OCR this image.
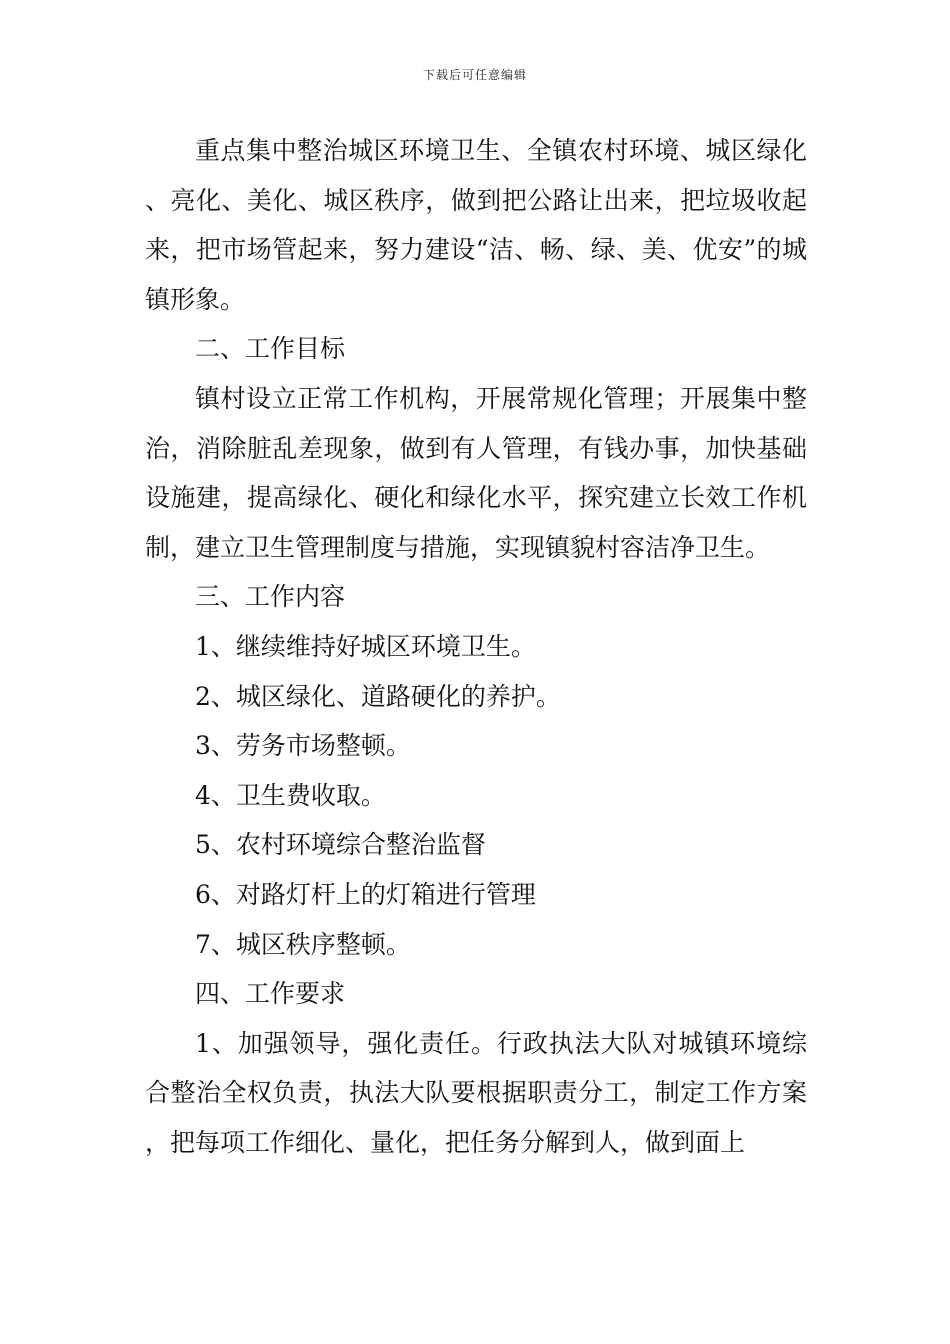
下载后可任意编辑

重点集中整治城区环境卫生、全镇农村环境、城区绿化、亮化、美化、城区秩序，做到把公路让出来，把垃圾收起来，把市场管起来，努力建设“洁、畅、绿、美、优安”的城镇形象。

二、工作目标

镇村设立正常工作机构，开展常规化管理；开展集中整治，消除脏乱差现象，做到有人管理，有钱办事，加快基础设施建，提高绿化、硬化和绿化水平，探究建立长效工作机制，建立卫生管理制度与措施，实现镇貌村容洁净卫生。

三、工作内容

1、继续维持好城区环境卫生。

2、城区绿化、道路硬化的养护。

3、劳务市场整顿。

4、卫生费收取。

5、农村环境综合整治监督

6、对路灯杆上的灯箱进行管理

7、城区秩序整顿。

四、工作要求

1、加强领导，强化责任。行政执法大队对城镇环境综合整治全权负责，执法大队要根据职责分工，制定工作方案，把每项工作细化、量化，把任务分解到人，做到面上
